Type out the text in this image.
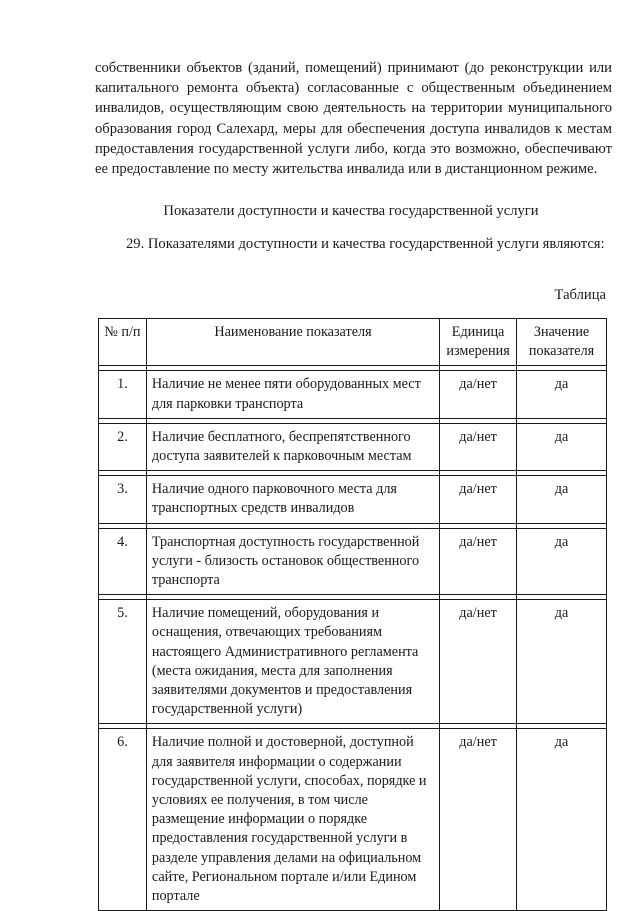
собственники объектов (зданий, помещений) принимают (до реконструкции или капитального ремонта объекта) согласованные с общественным объединением инвалидов, осуществляющим свою деятельность на территории муниципального образования город Салехард, меры для обеспечения доступа инвалидов к местам предоставления государственной услуги либо, когда это возможно, обеспечивают ее предоставление по месту жительства инвалида или в дистанционном режиме.

Показатели доступности и качества государственной услуги

29. Показателями доступности и качества государственной услуги являются:

Таблица

№ п/п	Наименование показателя	Единица измерения	Значение показателя

1.	Наличие не менее пяти оборудованных мест для парковки транспорта	да/нет	да

2.	Наличие бесплатного, беспрепятственного доступа заявителей к парковочным местам	да/нет	да

3.	Наличие одного парковочного места для транспортных средств инвалидов	да/нет	да

4.	Транспортная доступность государственной услуги - близость остановок общественного транспорта	да/нет	да

5.	Наличие помещений, оборудования и оснащения, отвечающих требованиям настоящего Административного регламента (места ожидания, места для заполнения заявителями документов и предоставления государственной услуги)	да/нет	да

6.	Наличие полной и достоверной, доступной для заявителя информации о содержании государственной услуги, способах, порядке и условиях ее получения, в том числе размещение информации о порядке предоставления государственной услуги в разделе управления делами на официальном сайте, Региональном портале и/или Едином портале	да/нет	да
